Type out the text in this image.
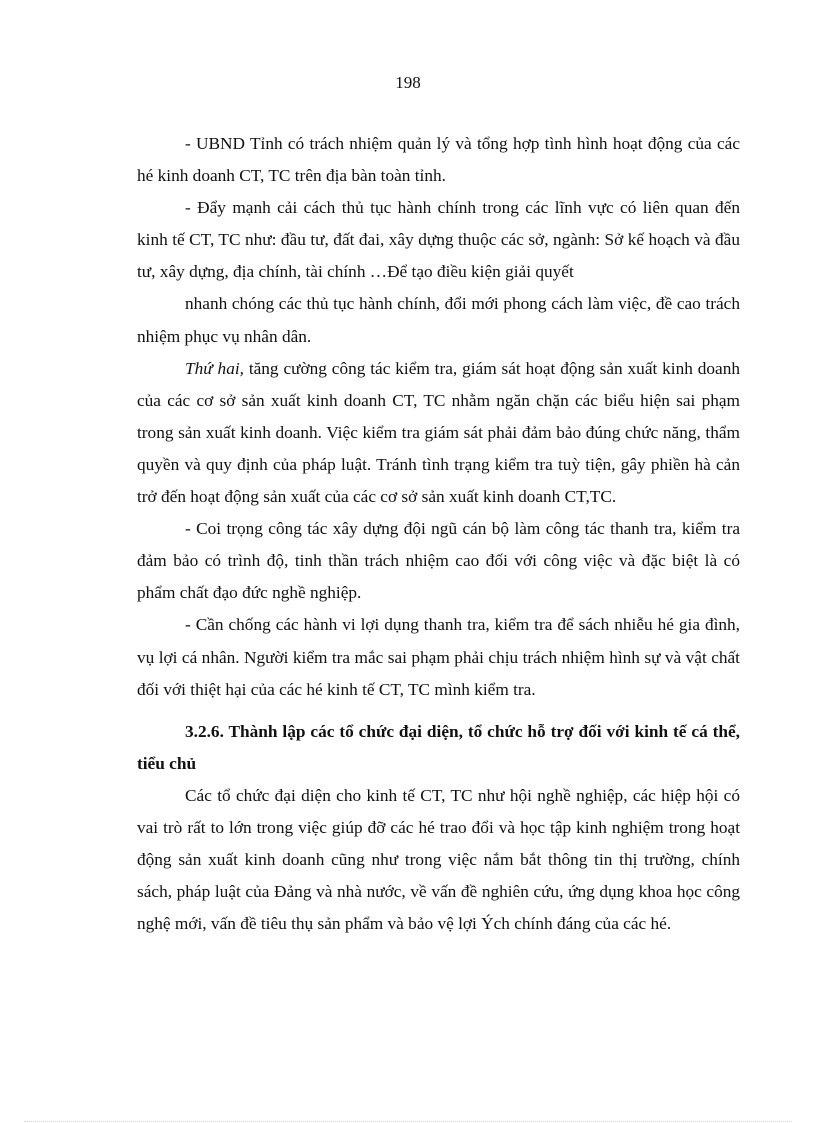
198

- UBND Tỉnh có trách nhiệm quản lý và tổng hợp tình hình hoạt động của các hé kinh doanh CT, TC trên địa bàn toàn tỉnh.

- Đẩy mạnh cải cách thủ tục hành chính trong các lĩnh vực có liên quan đến kinh tế CT, TC như: đầu tư, đất đai, xây dựng thuộc các sở, ngành: Sở kế hoạch và đầu tư, xây dựng, địa chính, tài chính …Để tạo điều kiện giải quyết

nhanh chóng các thủ tục hành chính, đổi mới phong cách làm việc, đề cao trách nhiệm phục vụ nhân dân.

Thứ hai, tăng cường công tác kiểm tra, giám sát hoạt động sản xuất kinh doanh của các cơ sở sản xuất kinh doanh CT, TC nhằm ngăn chặn các biểu hiện sai phạm trong sản xuất kinh doanh. Việc kiểm tra giám sát phải đảm bảo đúng chức năng, thẩm quyền và quy định của pháp luật. Tránh tình trạng kiểm tra tuỳ tiện, gây phiền hà cản trở đến hoạt động sản xuất của các cơ sở sản xuất kinh doanh CT,TC.

- Coi trọng công tác xây dựng đội ngũ cán bộ làm công tác thanh tra, kiểm tra đảm bảo có trình độ, tinh thần trách nhiệm cao đối với công việc và đặc biệt là có phẩm chất đạo đức nghề nghiệp.

- Cần chống các hành vi lợi dụng thanh tra, kiểm tra để sách nhiễu hé gia đình, vụ lợi cá nhân. Người kiểm tra mắc sai phạm phải chịu trách nhiệm hình sự và vật chất đối với thiệt hại của các hé kinh tế CT, TC mình kiểm tra.

3.2.6. Thành lập các tổ chức đại diện, tổ chức hỗ trợ đối với kinh tế cá thể, tiểu chủ

Các tổ chức đại diện cho kinh tế CT, TC như hội nghề nghiệp, các hiệp hội có vai trò rất to lớn trong việc giúp đỡ các hé trao đổi và học tập kinh nghiệm trong hoạt động sản xuất kinh doanh cũng như trong việc nắm bắt thông tin thị trường, chính sách, pháp luật của Đảng và nhà nước, về vấn đề nghiên cứu, ứng dụng khoa học công nghệ mới, vấn đề tiêu thụ sản phẩm và bảo vệ lợi Ých chính đáng của các hé.
